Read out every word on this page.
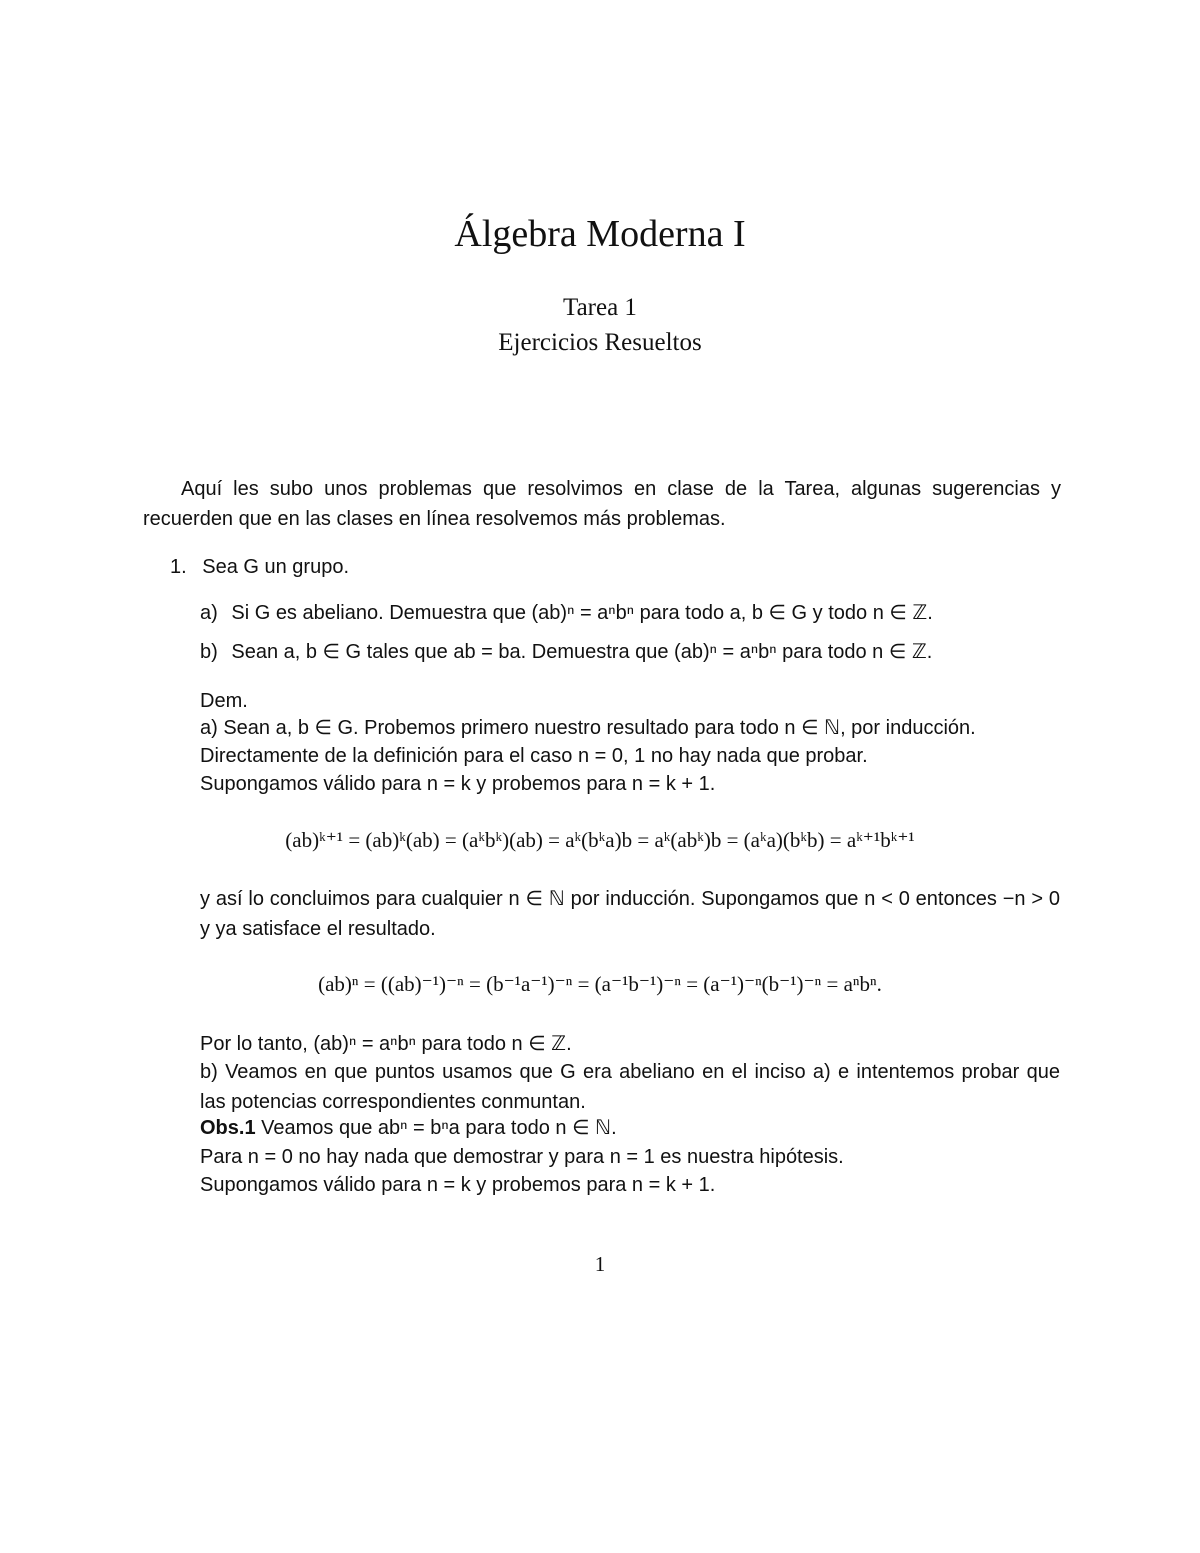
Álgebra Moderna I
Tarea 1
Ejercicios Resueltos

Aquí les subo unos problemas que resolvimos en clase de la Tarea, algunas sugerencias y recuerden que en las clases en línea resolvemos más problemas.

1. Sea G un grupo.
a) Si G es abeliano. Demuestra que (ab)ⁿ = aⁿbⁿ para todo a, b ∈ G y todo n ∈ ℤ.
b) Sean a, b ∈ G tales que ab = ba. Demuestra que (ab)ⁿ = aⁿbⁿ para todo n ∈ ℤ.
Dem.
a) Sean a, b ∈ G. Probemos primero nuestro resultado para todo n ∈ ℕ, por inducción.
Directamente de la definición para el caso n = 0, 1 no hay nada que probar.
Supongamos válido para n = k y probemos para n = k + 1.
(ab)ᵏ⁺¹ = (ab)ᵏ(ab) = (aᵏbᵏ)(ab) = aᵏ(bᵏa)b = aᵏ(abᵏ)b = (aᵏa)(bᵏb) = aᵏ⁺¹bᵏ⁺¹
y así lo concluimos para cualquier n ∈ ℕ por inducción. Supongamos que n < 0 entonces −n > 0 y ya satisface el resultado.
(ab)ⁿ = ((ab)⁻¹)⁻ⁿ = (b⁻¹a⁻¹)⁻ⁿ = (a⁻¹b⁻¹)⁻ⁿ = (a⁻¹)⁻ⁿ(b⁻¹)⁻ⁿ = aⁿbⁿ.
Por lo tanto, (ab)ⁿ = aⁿbⁿ para todo n ∈ ℤ.
b) Veamos en que puntos usamos que G era abeliano en el inciso a) e intentemos probar que las potencias correspondientes conmuntan.
Obs.1 Veamos que abⁿ = bⁿa para todo n ∈ ℕ.
Para n = 0 no hay nada que demostrar y para n = 1 es nuestra hipótesis.
Supongamos válido para n = k y probemos para n = k + 1.
1
